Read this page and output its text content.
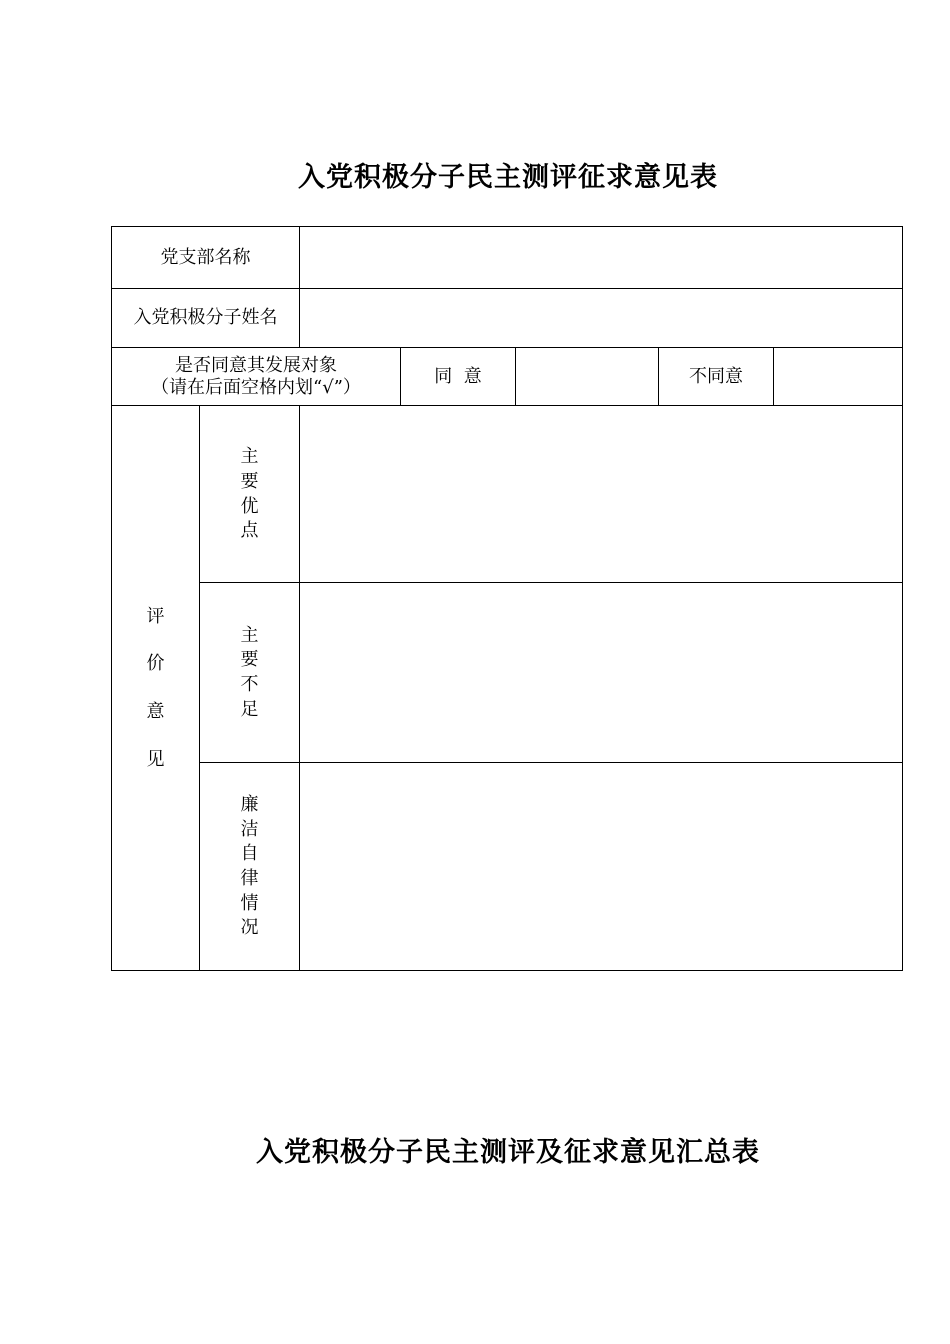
入党积极分子民主测评征求意见表
党支部名称
入党积极分子姓名
是否同意其发展对象
（请在后面空格内划“√”）
同  意	不同意
评
价
意
见
主
要
优
点
主
要
不
足
廉
洁
自
律
情
况
入党积极分子民主测评及征求意见汇总表
